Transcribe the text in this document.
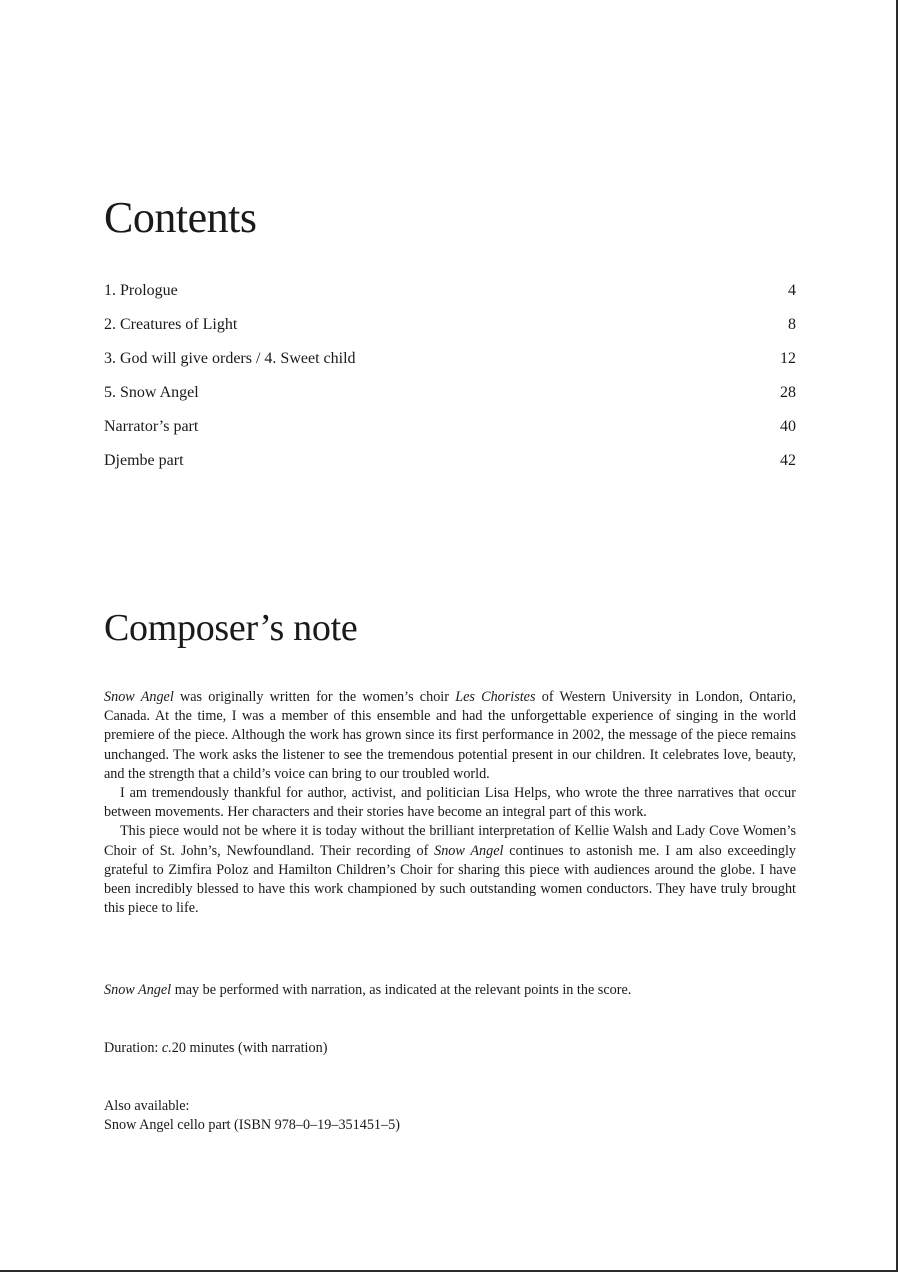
Contents
1. Prologue	4
2. Creatures of Light	8
3. God will give orders / 4. Sweet child	12
5. Snow Angel	28
Narrator’s part	40
Djembe part	42
Composer’s note

Snow Angel was originally written for the women’s choir Les Choristes of Western University in London, Ontario, Canada. At the time, I was a member of this ensemble and had the unforgettable experience of singing in the world premiere of the piece. Although the work has grown since its first performance in 2002, the message of the piece remains unchanged. The work asks the listener to see the tremendous potential present in our children. It celebrates love, beauty, and the strength that a child’s voice can bring to our troubled world.

I am tremendously thankful for author, activist, and politician Lisa Helps, who wrote the three narratives that occur between movements. Her characters and their stories have become an integral part of this work.

This piece would not be where it is today without the brilliant interpretation of Kellie Walsh and Lady Cove Women’s Choir of St. John’s, Newfoundland. Their recording of Snow Angel continues to astonish me. I am also exceedingly grateful to Zimfira Poloz and Hamilton Children’s Choir for sharing this piece with audiences around the globe. I have been incredibly blessed to have this work championed by such outstanding women conductors. They have truly brought this piece to life.

Snow Angel may be performed with narration, as indicated at the relevant points in the score.

Duration: c.20 minutes (with narration)

Also available:

Snow Angel cello part (ISBN 978–0–19–351451–5)
